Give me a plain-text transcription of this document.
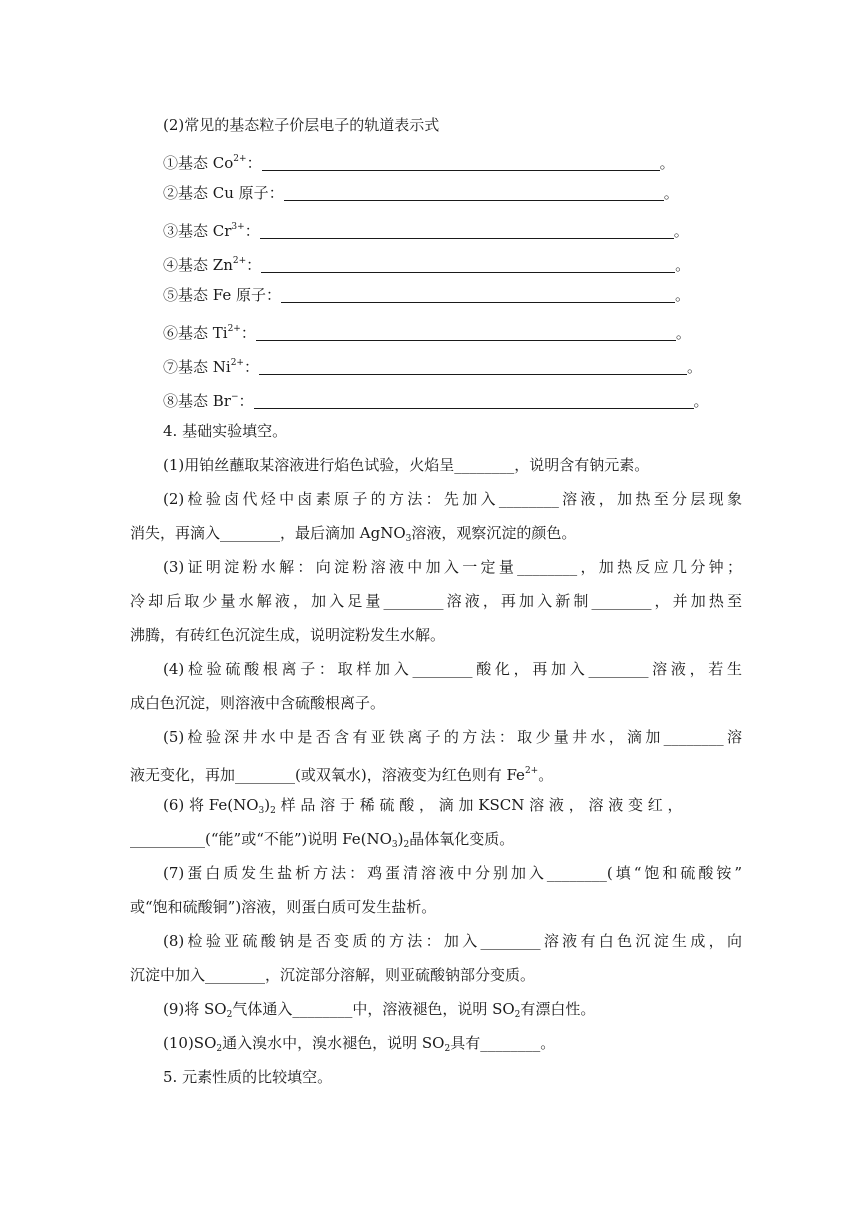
(2)常见的基态粒子价层电子的轨道表示式
①基态 $Co^{2+}$：	。
②基态 Cu 原子：	。
③基态 $Cr^{3+}$：	。
④基态 $Zn^{2+}$：	。
⑤基态 Fe 原子：	。
⑥基态 $Ti^{2+}$：	。
⑦基态 $Ni^{2+}$：	。
⑧基态 Br−：	。
4. 基础实验填空。
(1)用铂丝蘸取某溶液进行焰色试验，火焰呈________，说明含有钠元素。
(2)检验卤代烃中卤素原子的方法：先加入________溶液，加热至分层现象
消失，再滴入________，最后滴加 AgNO$_3$溶液，观察沉淀的颜色。
(3)证明淀粉水解：向淀粉溶液中加入一定量________，加热反应几分钟；
冷却后取少量水解液，加入足量________溶液，再加入新制________，并加热至
沸腾，有砖红色沉淀生成，说明淀粉发生水解。
(4)检验硫酸根离子：取样加入________酸化，再加入________溶液，若生
成白色沉淀，则溶液中含硫酸根离子。
(5)检验深井水中是否含有亚铁离子的方法：取少量井水，滴加________溶
液无变化，再加________(或双氧水)，溶液变为红色则有 $Fe^{2+}$。
(6) 将 $Fe(NO_3)_2$ 样 品 溶 于 稀 硫 酸 ， 滴 加 KSCN 溶 液 ， 溶 液 变 红 ，
__________(“能”或“不能”)说明 $Fe(NO_3)_2$晶体氧化变质。
(7)蛋白质发生盐析方法：鸡蛋清溶液中分别加入________(填“饱和硫酸铵”
或“饱和硫酸铜”)溶液，则蛋白质可发生盐析。
(8)检验亚硫酸钠是否变质的方法：加入________溶液有白色沉淀生成，向
沉淀中加入________，沉淀部分溶解，则亚硫酸钠部分变质。
(9)将 $SO_2$气体通入________中，溶液褪色，说明 $SO_2$有漂白性。
$(10)SO_2$通入溴水中，溴水褪色，说明 $SO_2$具有________。
5. 元素性质的比较填空。
